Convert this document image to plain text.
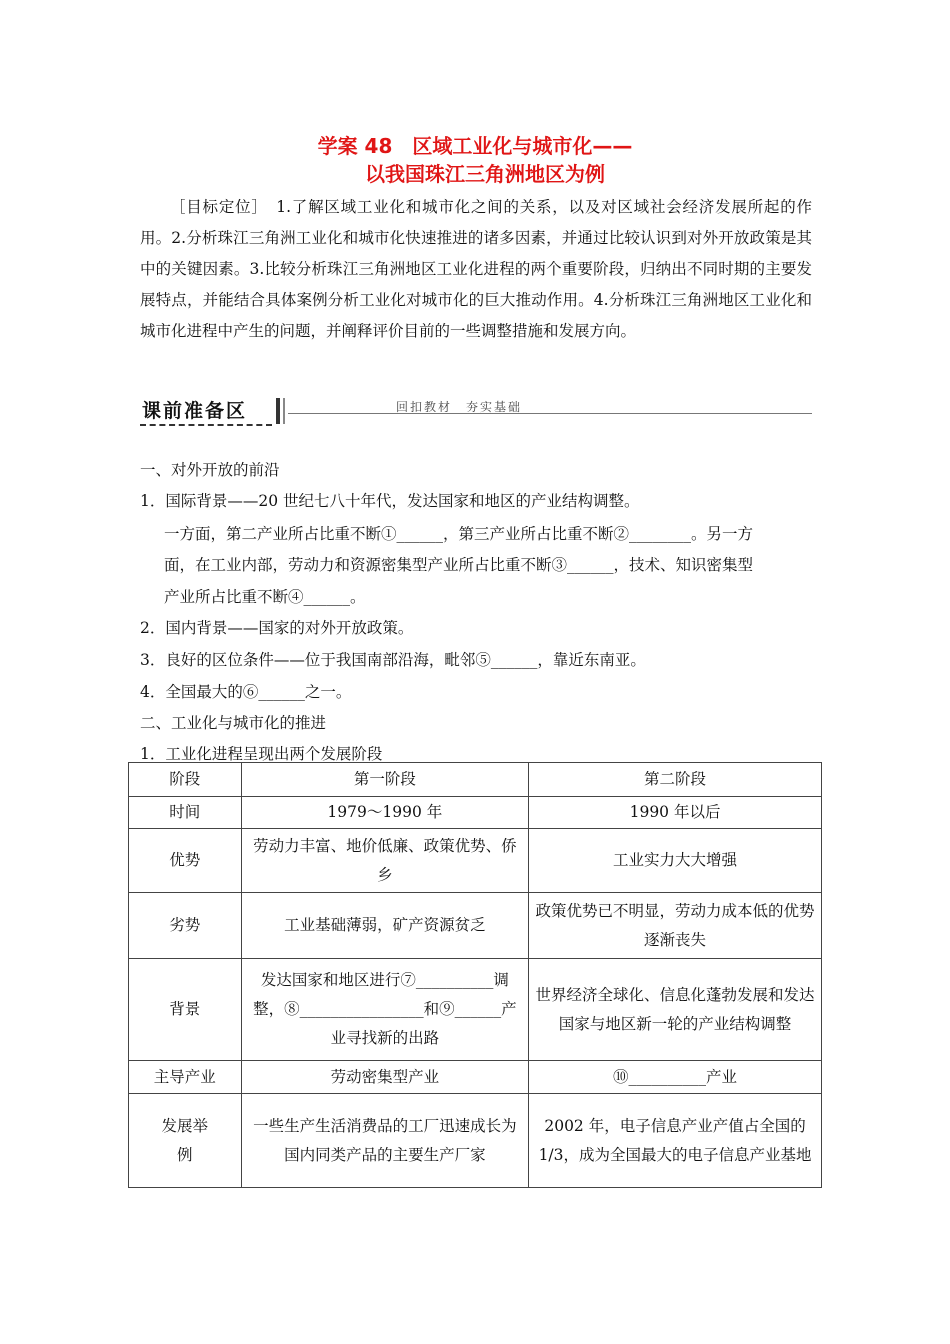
学案 48　区域工业化与城市化——
以我国珠江三角洲地区为例
［目标定位］　1.了解区域工业化和城市化之间的关系，以及对区域社会经济发展所起的作用。2.分析珠江三角洲工业化和城市化快速推进的诸多因素，并通过比较认识到对外开放政策是其中的关键因素。3.比较分析珠江三角洲地区工业化进程的两个重要阶段，归纳出不同时期的主要发展特点，并能结合具体案例分析工业化对城市化的巨大推动作用。4.分析珠江三角洲地区工业化和城市化进程中产生的问题，并阐释评价目前的一些调整措施和发展方向。
课前准备区	回扣教材　夯实基础
一、对外开放的前沿
1．国际背景——20 世纪七八十年代，发达国家和地区的产业结构调整。
一方面，第二产业所占比重不断①______，第三产业所占比重不断②________。另一方
面，在工业内部，劳动力和资源密集型产业所占比重不断③______，技术、知识密集型
产业所占比重不断④______。
2．国内背景——国家的对外开放政策。
3．良好的区位条件——位于我国南部沿海，毗邻⑤______，靠近东南亚。
4．全国最大的⑥______之一。
二、工业化与城市化的推进
1．工业化进程呈现出两个发展阶段
阶段	第一阶段	第二阶段
时间	1979～1990 年	1990 年以后
优势	劳动力丰富、地价低廉、政策优势、侨乡	工业实力大大增强
劣势	工业基础薄弱，矿产资源贫乏	政策优势已不明显，劳动力成本低的优势逐渐丧失
背景	发达国家和地区进行⑦__________调整，⑧________________和⑨______产业寻找新的出路	世界经济全球化、信息化蓬勃发展和发达国家与地区新一轮的产业结构调整
主导产业	劳动密集型产业	⑩__________产业
发展举例	一些生产生活消费品的工厂迅速成长为国内同类产品的主要生产厂家	2002 年，电子信息产业产值占全国的 1/3，成为全国最大的电子信息产业基地
